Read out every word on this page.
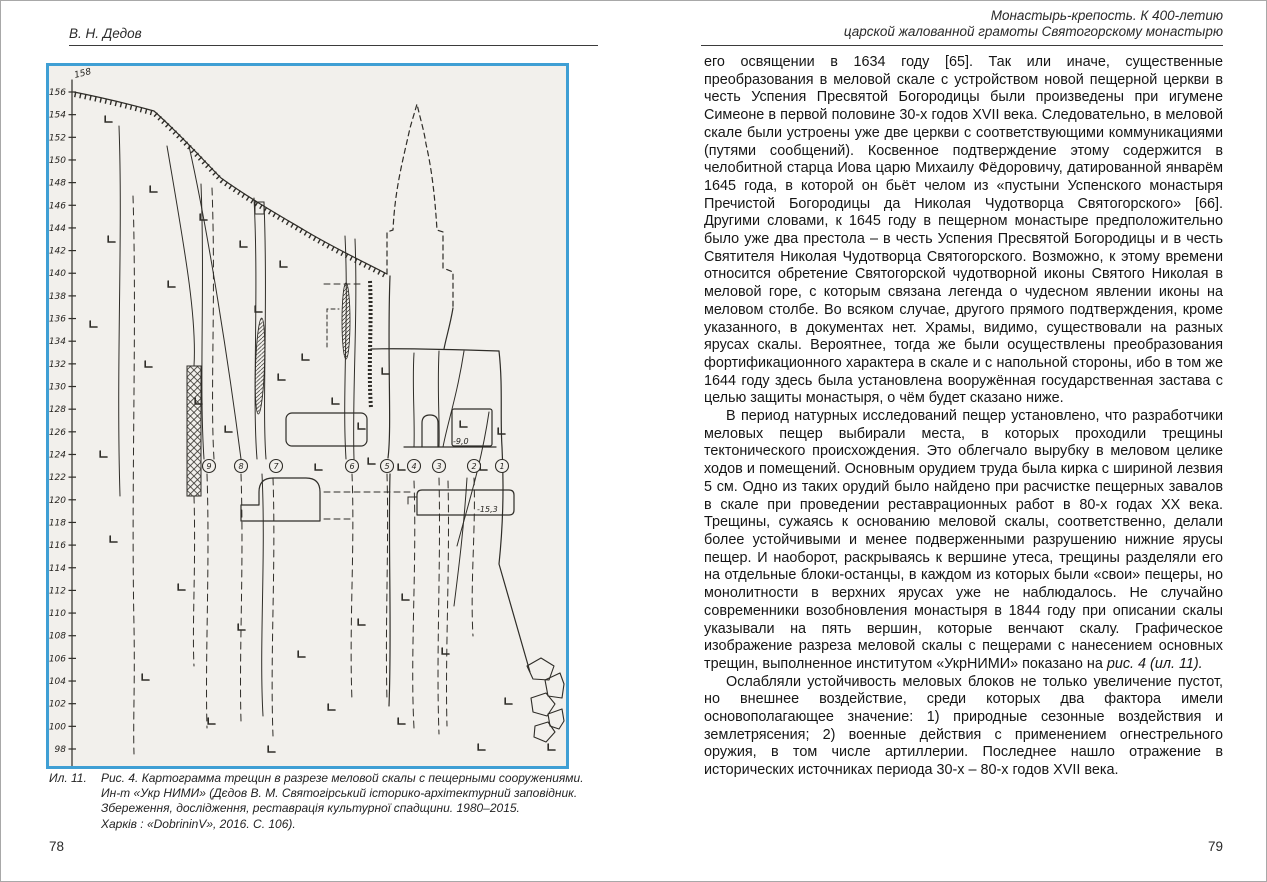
В. Н. Дедов
Монастырь-крепость. К 400-летию
царской жалованной грамоты Святогорскому монастырю
156
154
152
150
148
146
144
142
140
138
136
134
132
130
128
126
124
122
120
118
116
114
112
110
108
106
104
102
100
98
158
9	8	7	6	5	4 3	2	1
-9,0
-15,3
Ил. 11.	Рис. 4. Картограмма трещин в разрезе меловой скалы с пещерными сооружениями.
Ин-т «Укр НИМИ» (Дєдов В. М. Святогірський історико-архітектурний заповідник.
Збереження, дослідження, реставрація культурної спадщини. 1980–2015.
Харків : «DobrininV», 2016. С. 106).

его освящении в 1634 году [65]. Так или иначе, существенные преобразования в меловой скале с устройством новой пещерной церкви в честь Успения Пресвятой Богородицы были произведены при игумене Симеоне в первой половине 30-х годов XVII века. Следовательно, в меловой скале были устроены уже две церкви с соответствующими коммуникациями (путями сообщений). Косвенное подтверждение этому содержится в челобитной старца Иова царю Михаилу Фёдоровичу, датированной январём 1645 года, в которой он бьёт челом из «пустыни Успенского монастыря Пречистой Богородицы да Николая Чудотворца Святогорского» [66]. Другими словами, к 1645 году в пещерном монастыре предположительно было уже два престола – в честь Успения Пресвятой Богородицы и в честь Святителя Николая Чудотворца Святогорского. Возможно, к этому времени относится обретение Святогорской чудотворной иконы Святого Николая в меловой горе, с которым связана легенда о чудесном явлении иконы на меловом столбе. Во всяком случае, другого прямого подтверждения, кроме указанного, в документах нет. Храмы, видимо, существовали на разных ярусах скалы. Вероятнее, тогда же были осуществлены преобразования фортификационного характера в скале и с напольной стороны, ибо в том же 1644 году здесь была установлена вооружённая государственная застава с целью защиты монастыря, о чём будет сказано ниже.

В период натурных исследований пещер установлено, что разработчики меловых пещер выбирали места, в которых проходили трещины тектонического происхождения. Это облегчало вырубку в меловом целике ходов и помещений. Основным орудием труда была кирка с шириной лезвия 5 см. Одно из таких орудий было найдено при расчистке пещерных завалов в скале при проведении реставрационных работ в 80-х годах XX века. Трещины, сужаясь к основанию меловой скалы, соответственно, делали более устойчивыми и менее подверженными разрушению нижние ярусы пещер. И наоборот, раскрываясь к вершине утеса, трещины разделяли его на отдельные блоки-останцы, в каждом из которых были «свои» пещеры, но монолитности в верхних ярусах уже не наблюдалось. Не случайно современники возобновления монастыря в 1844 году при описании скалы указывали на пять вершин, которые венчают скалу. Графическое изображение разреза меловой скалы с пещерами с нанесением основных трещин, выполненное институтом «УкрНИМИ» показано на рис. 4 (ил. 11).

Ослабляли устойчивость меловых блоков не только увеличение пустот, но внешнее воздействие, среди которых два фактора имели основополагающее значение: 1) природные сезонные воздействия и землетрясения; 2) военные действия с применением огнестрельного оружия, в том числе артиллерии. Последнее нашло отражение в исторических источниках периода 30-х – 80-х годов XVII века.

78	79
